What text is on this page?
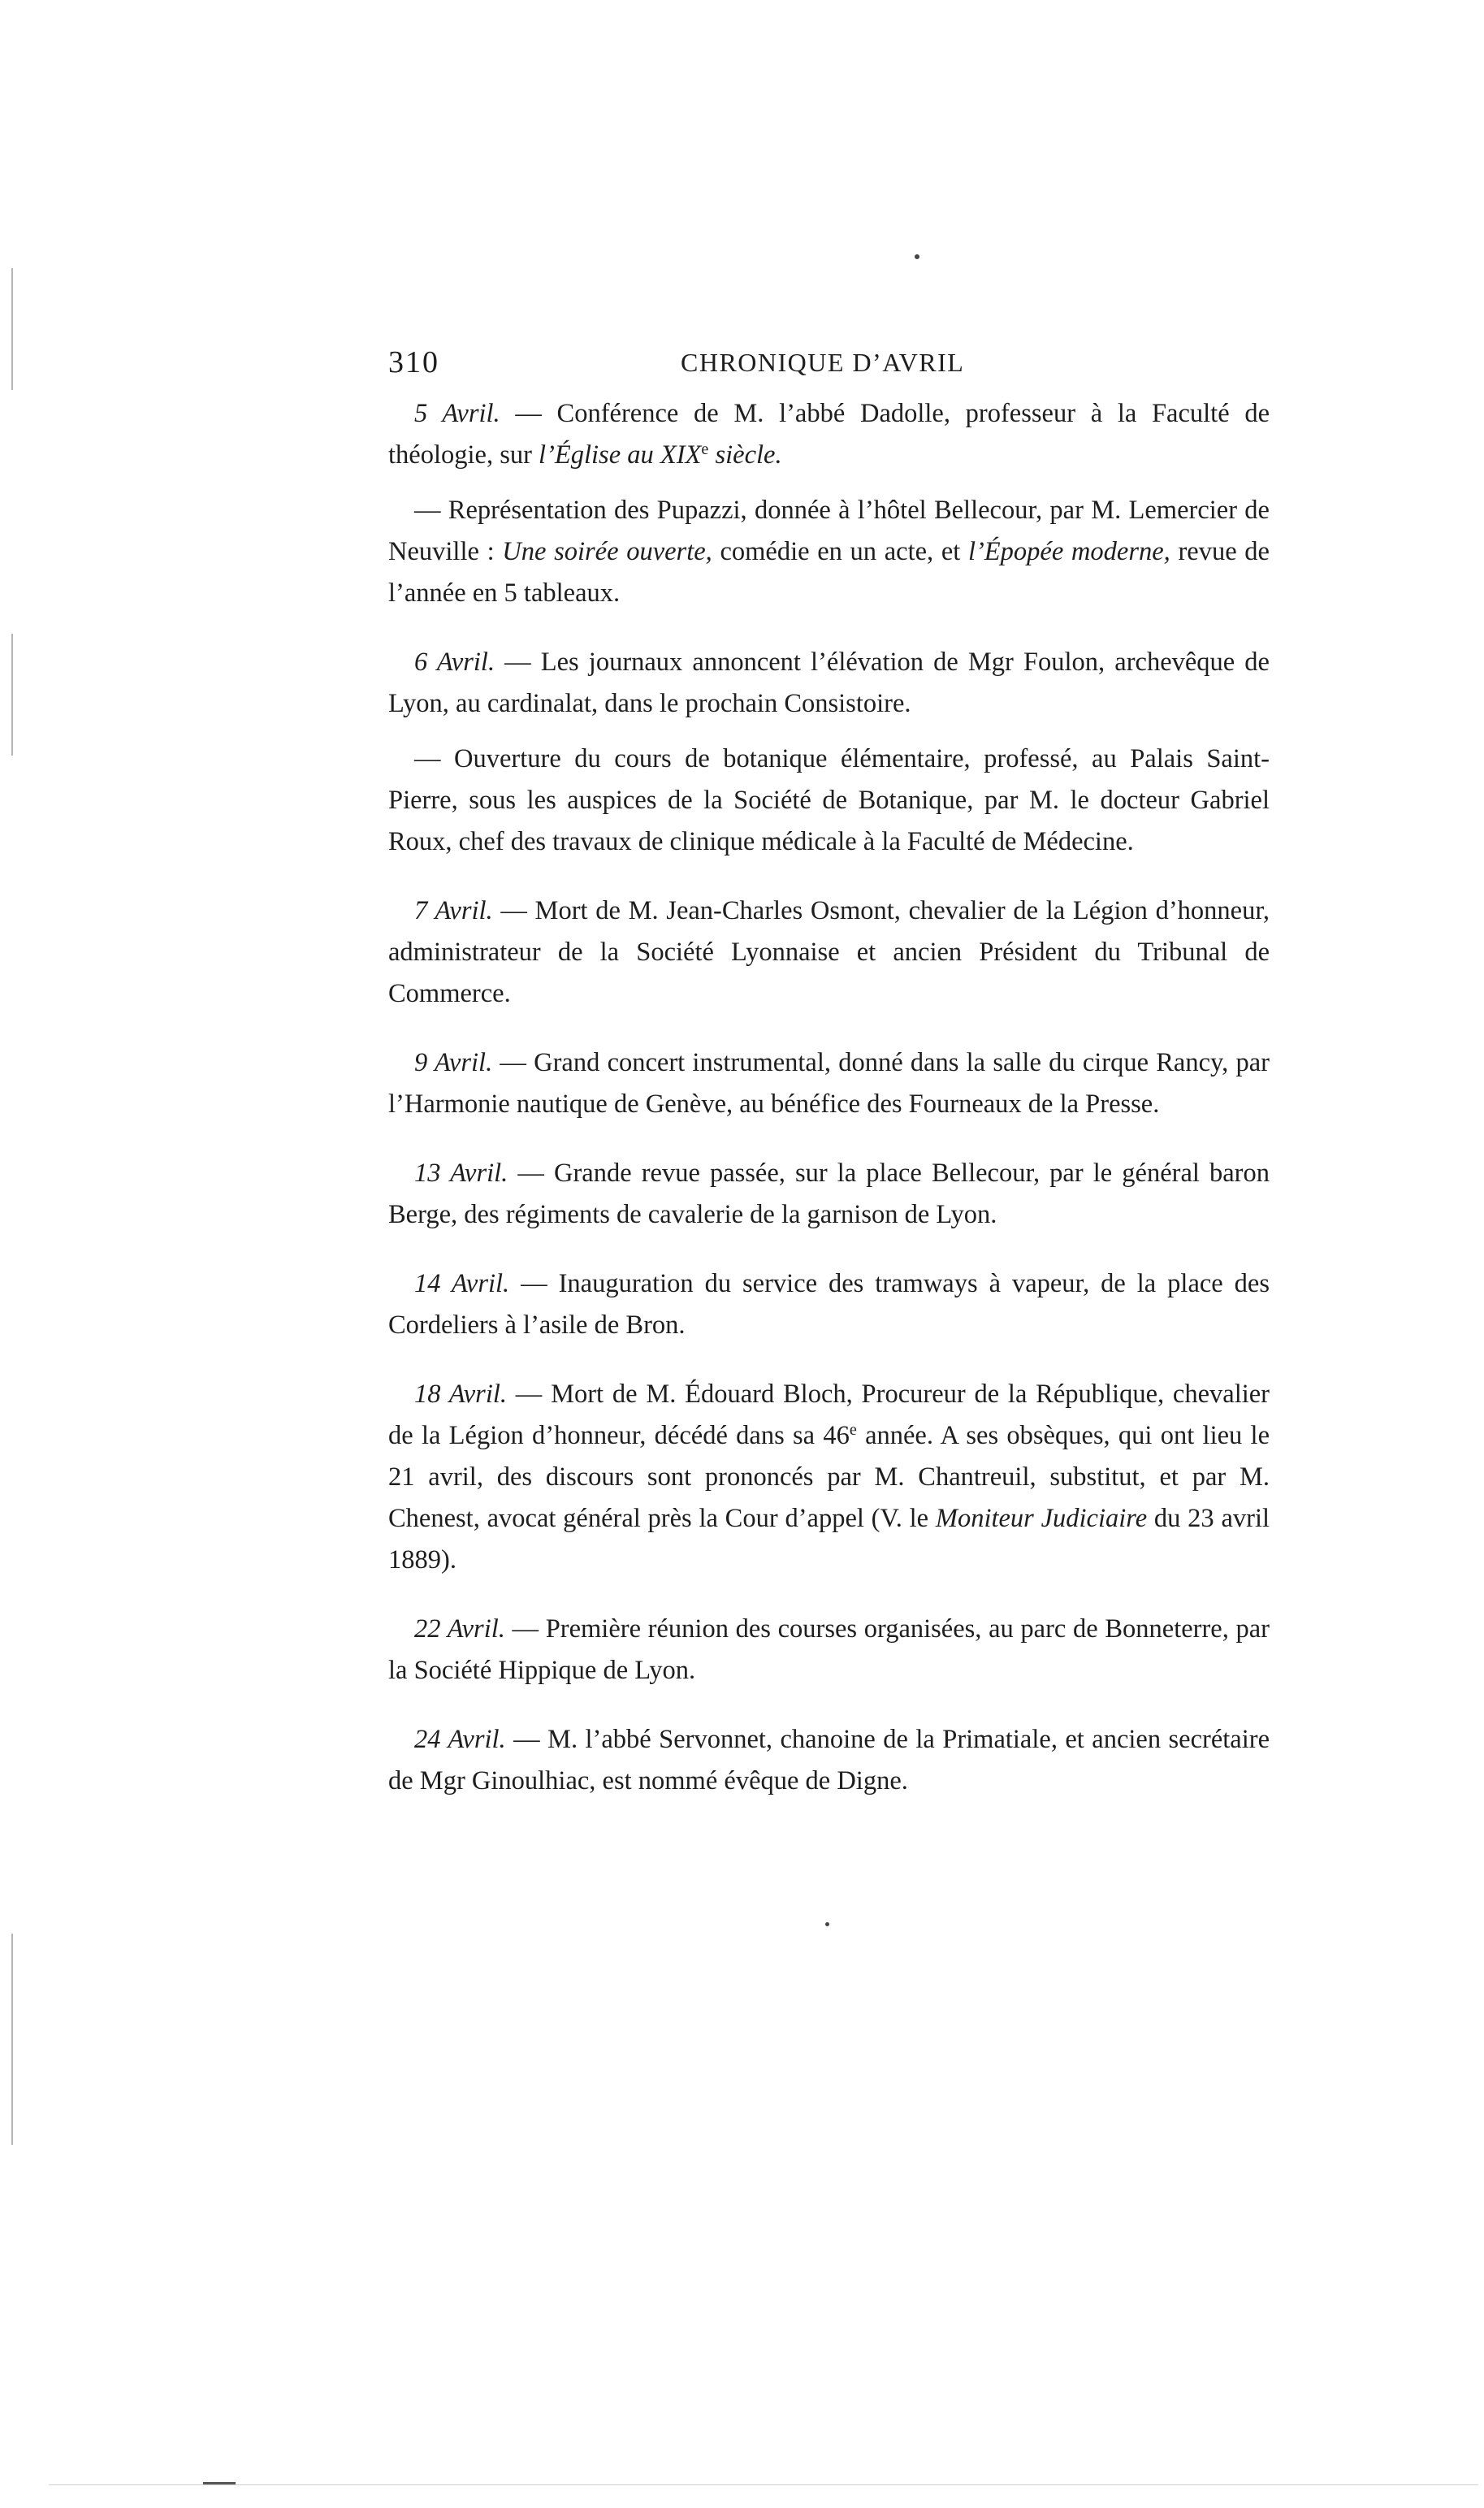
310	CHRONIQUE D’AVRIL

5 Avril. — Conférence de M. l’abbé Dadolle, professeur à la Faculté de théologie, sur l’Église au XIXe siècle.

— Représentation des Pupazzi, donnée à l’hôtel Bellecour, par M. Lemercier de Neuville : Une soirée ouverte, comédie en un acte, et l’Épopée moderne, revue de l’année en 5 tableaux.

6 Avril. — Les journaux annoncent l’élévation de Mgr Foulon, archevêque de Lyon, au cardinalat, dans le prochain Consistoire.

— Ouverture du cours de botanique élémentaire, professé, au Palais Saint-Pierre, sous les auspices de la Société de Botanique, par M. le docteur Gabriel Roux, chef des travaux de clinique médicale à la Faculté de Médecine.

7 Avril. — Mort de M. Jean-Charles Osmont, chevalier de la Légion d’honneur, administrateur de la Société Lyonnaise et ancien Président du Tribunal de Commerce.

9 Avril. — Grand concert instrumental, donné dans la salle du cirque Rancy, par l’Harmonie nautique de Genève, au bénéfice des Fourneaux de la Presse.

13 Avril. — Grande revue passée, sur la place Bellecour, par le général baron Berge, des régiments de cavalerie de la garnison de Lyon.

14 Avril. — Inauguration du service des tramways à vapeur, de la place des Cordeliers à l’asile de Bron.

18 Avril. — Mort de M. Édouard Bloch, Procureur de la République, chevalier de la Légion d’honneur, décédé dans sa 46e année. A ses obsèques, qui ont lieu le 21 avril, des discours sont prononcés par M. Chantreuil, substitut, et par M. Chenest, avocat général près la Cour d’appel (V. le Moniteur Judiciaire du 23 avril 1889).

22 Avril. — Première réunion des courses organisées, au parc de Bonneterre, par la Société Hippique de Lyon.

24 Avril. — M. l’abbé Servonnet, chanoine de la Primatiale, et ancien secrétaire de Mgr Ginoulhiac, est nommé évêque de Digne.
